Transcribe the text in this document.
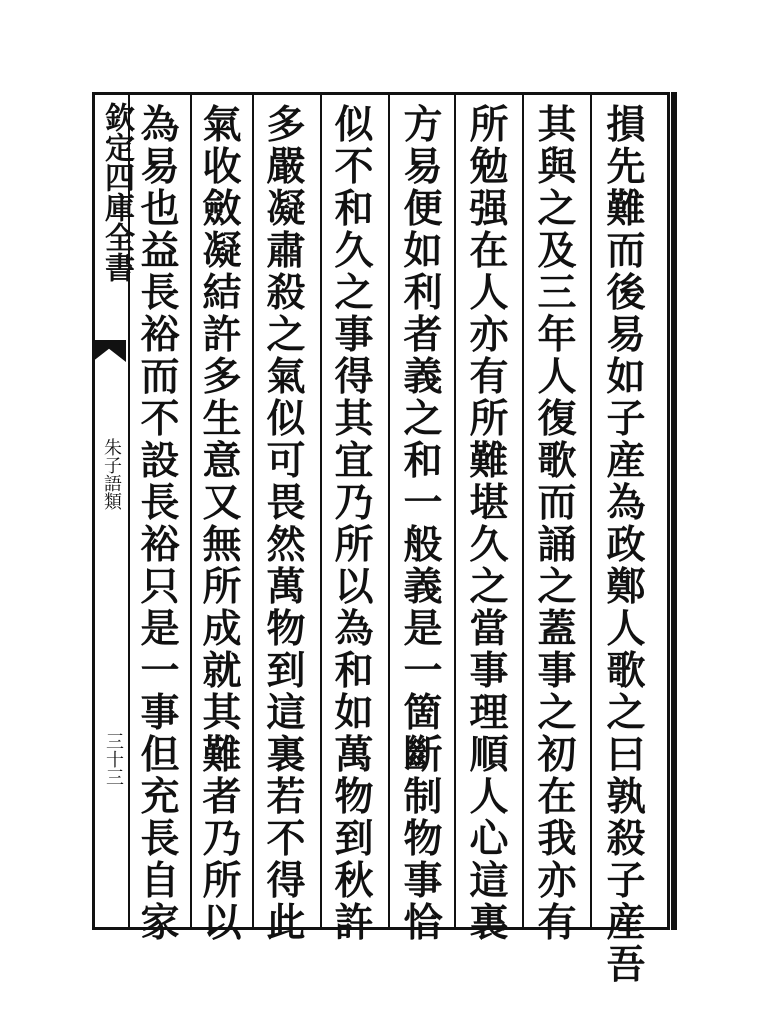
欽定四庫全書
朱子語類
三十三
損
先
難
而
後
易
如
子
産
為
政
鄭
人
歌
之
曰
孰
殺
子
産
吾
其
與
之
及
三
年
人
復
歌
而
誦
之
蓋
事
之
初
在
我
亦
有
所
勉
强
在
人
亦
有
所
難
堪
久
之
當
事
理
順
人
心
這
裏
方
易
便
如
利
者
義
之
和
一
般
義
是
一
箇
斷
制
物
事
恰
似
不
和
久
之
事
得
其
宜
乃
所
以
為
和
如
萬
物
到
秋
許
多
嚴
凝
肅
殺
之
氣
似
可
畏
然
萬
物
到
這
裏
若
不
得
此
氣
收
斂
凝
結
許
多
生
意
又
無
所
成
就
其
難
者
乃
所
以
為
易
也
益
長
裕
而
不
設
長
裕
只
是
一
事
但
充
長
自
家
